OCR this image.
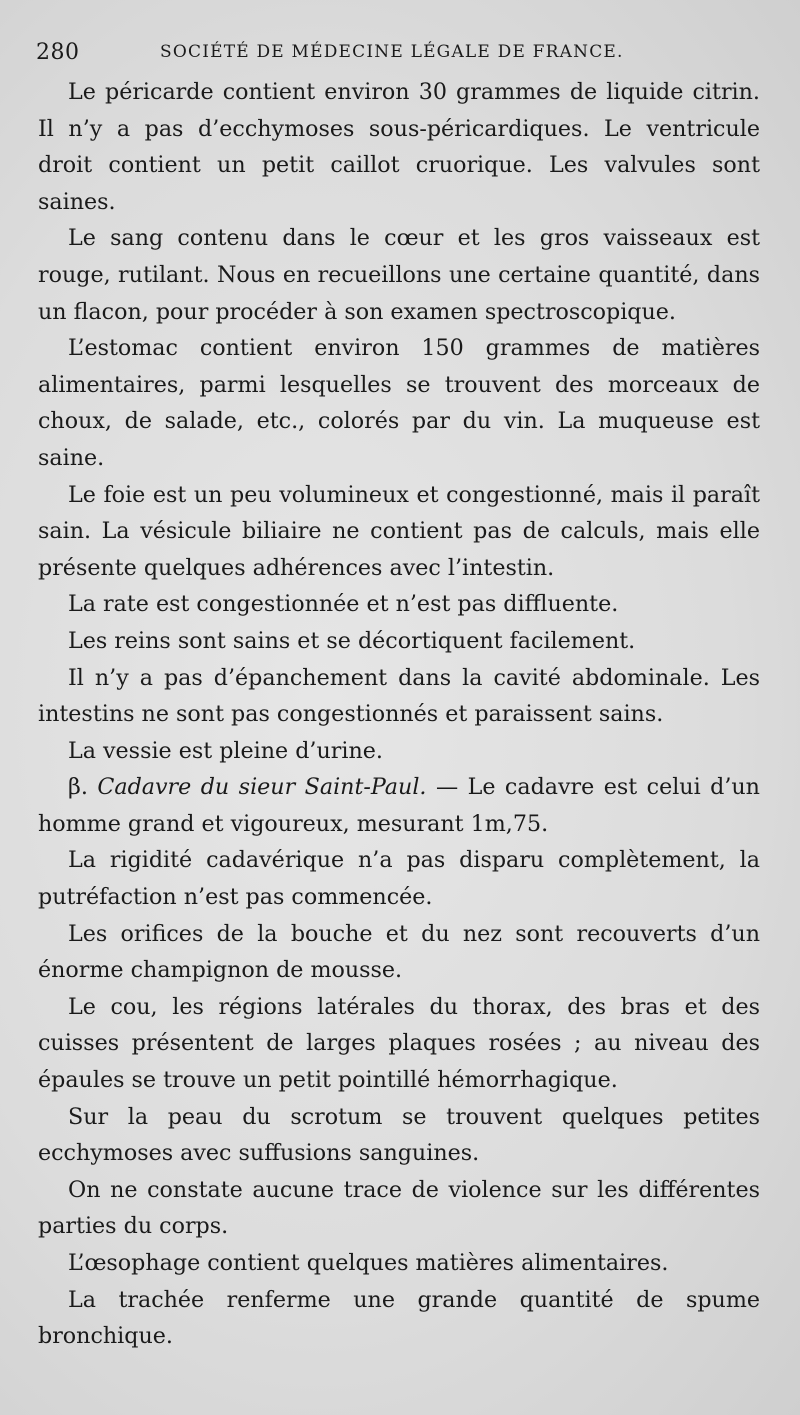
280	SOCIÉTÉ DE MÉDECINE LÉGALE DE FRANCE.

Le péricarde contient environ 30 grammes de liquide citrin. Il n’y a pas d’ecchymoses sous-péricardiques. Le ventricule droit contient un petit caillot cruorique. Les valvules sont saines.

Le sang contenu dans le cœur et les gros vaisseaux est rouge, rutilant. Nous en recueillons une certaine quantité, dans un flacon, pour procéder à son examen spectroscopique.

L’estomac contient environ 150 grammes de matières alimentaires, parmi lesquelles se trouvent des morceaux de choux, de salade, etc., colorés par du vin. La muqueuse est saine.

Le foie est un peu volumineux et congestionné, mais il paraît sain. La vésicule biliaire ne contient pas de calculs, mais elle présente quelques adhérences avec l’intestin.

La rate est congestionnée et n’est pas diffluente.

Les reins sont sains et se décortiquent facilement.

Il n’y a pas d’épanchement dans la cavité abdominale. Les intestins ne sont pas congestionnés et paraissent sains.

La vessie est pleine d’urine.

β. Cadavre du sieur Saint-Paul. — Le cadavre est celui d’un homme grand et vigoureux, mesurant 1m,75.

La rigidité cadavérique n’a pas disparu complètement, la putréfaction n’est pas commencée.

Les orifices de la bouche et du nez sont recouverts d’un énorme champignon de mousse.

Le cou, les régions latérales du thorax, des bras et des cuisses présentent de larges plaques rosées ; au niveau des épaules se trouve un petit pointillé hémorrhagique.

Sur la peau du scrotum se trouvent quelques petites ecchymoses avec suffusions sanguines.

On ne constate aucune trace de violence sur les différentes parties du corps.

L’œsophage contient quelques matières alimentaires.

La trachée renferme une grande quantité de spume bronchique.
